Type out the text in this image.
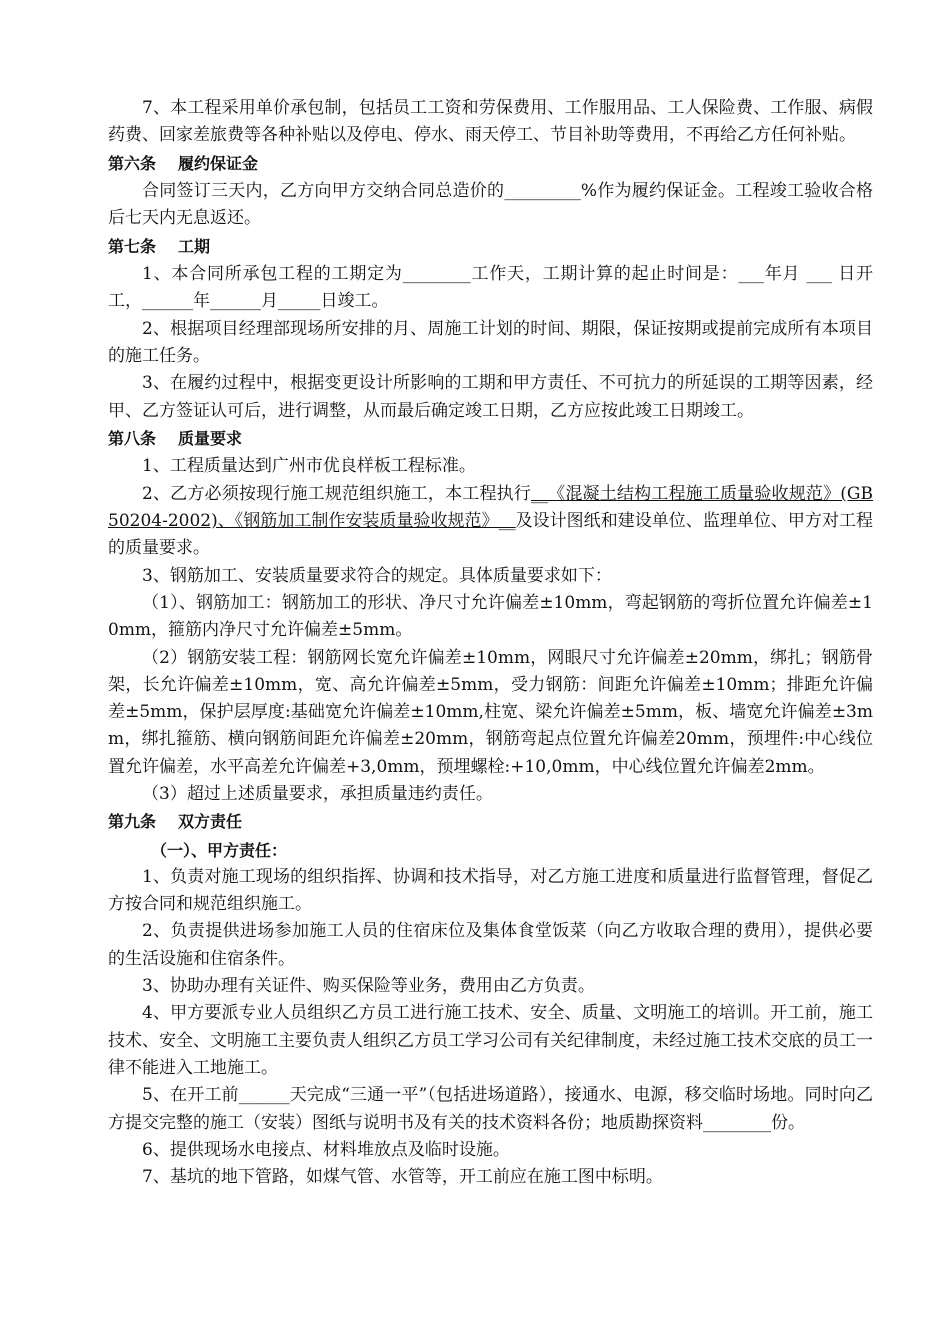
7、本工程采用单价承包制，包括员工工资和劳保费用、工作服用品、工人保险费、工作服、病假药费、回家差旅费等各种补贴以及停电、停水、雨天停工、节目补助等费用，不再给乙方任何补贴。

第六条 履约保证金

合同签订三天内，乙方向甲方交纳合同总造价的_________%作为履约保证金。工程竣工验收合格后七天内无息返还。

第七条 工期

1、本合同所承包工程的工期定为________工作天，工期计算的起止时间是：___年月 ___ 日开工，______年______月_____日竣工。

2、根据项目经理部现场所安排的月、周施工计划的时间、期限，保证按期或提前完成所有本项目的施工任务。

3、在履约过程中，根据变更设计所影响的工期和甲方责任、不可抗力的所延误的工期等因素，经甲、乙方签证认可后，进行调整，从而最后确定竣工日期，乙方应按此竣工日期竣工。

第八条 质量要求

1、工程质量达到广州市优良样板工程标准。

2、乙方必须按现行施工规范组织施工，本工程执行__《混凝土结构工程施工质量验收规范》(GB50204-2002)、《钢筋加工制作安装质量验收规范》__及设计图纸和建设单位、监理单位、甲方对工程的质量要求。

3、钢筋加工、安装质量要求符合的规定。具体质量要求如下：

（1）、钢筋加工：钢筋加工的形状、净尺寸允许偏差±10mm，弯起钢筋的弯折位置允许偏差±10mm，箍筋内净尺寸允许偏差±5mm。

（2）钢筋安装工程：钢筋网长宽允许偏差±10mm，网眼尺寸允许偏差±20mm，绑扎；钢筋骨架，长允许偏差±10mm，宽、高允许偏差±5mm，受力钢筋：间距允许偏差±10mm；排距允许偏差±5mm，保护层厚度:基础宽允许偏差±10mm,柱宽、梁允许偏差±5mm，板、墙宽允许偏差±3mm，绑扎箍筋、横向钢筋间距允许偏差±20mm，钢筋弯起点位置允许偏差20mm，预埋件:中心线位置允许偏差，水平高差允许偏差+3,0mm，预埋螺栓:+10,0mm，中心线位置允许偏差2mm。

（3）超过上述质量要求，承担质量违约责任。

第九条 双方责任

（一）、甲方责任：

1、负责对施工现场的组织指挥、协调和技术指导，对乙方施工进度和质量进行监督管理，督促乙方按合同和规范组织施工。

2、负责提供进场参加施工人员的住宿床位及集体食堂饭菜（向乙方收取合理的费用），提供必要的生活设施和住宿条件。

3、协助办理有关证件、购买保险等业务，费用由乙方负责。

4、甲方要派专业人员组织乙方员工进行施工技术、安全、质量、文明施工的培训。开工前，施工技术、安全、文明施工主要负责人组织乙方员工学习公司有关纪律制度，未经过施工技术交底的员工一律不能进入工地施工。

5、在开工前______天完成“三通一平”（包括进场道路），接通水、电源，移交临时场地。同时向乙方提交完整的施工（安装）图纸与说明书及有关的技术资料各份；地质勘探资料________份。

6、提供现场水电接点、材料堆放点及临时设施。

7、基坑的地下管路，如煤气管、水管等，开工前应在施工图中标明。
